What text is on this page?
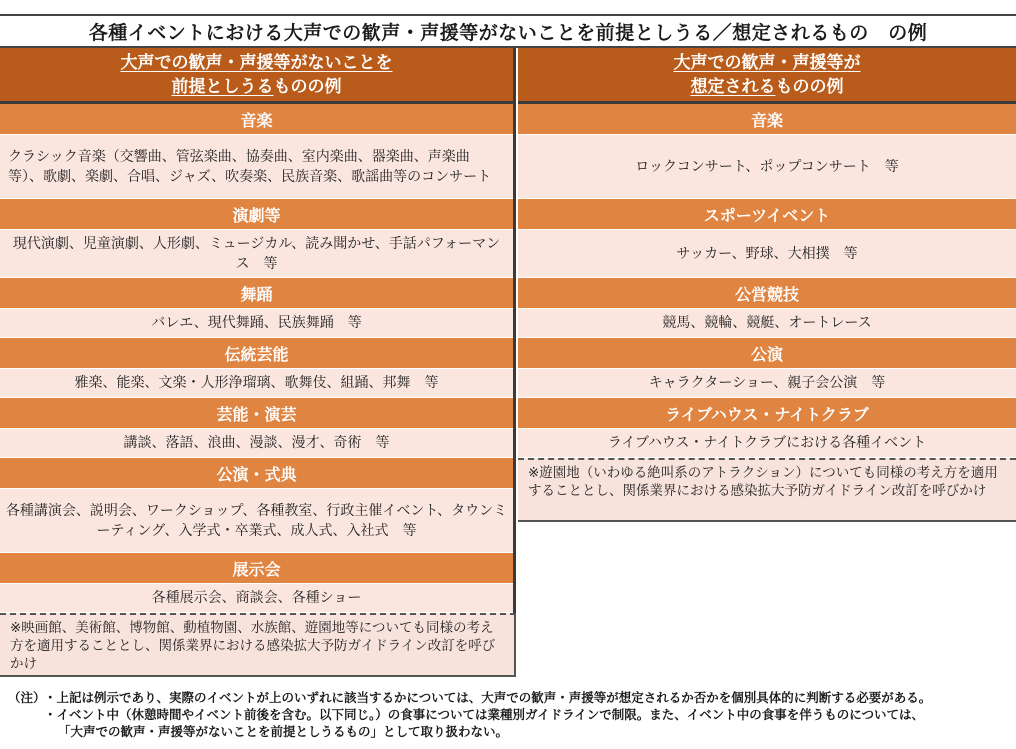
各種イベントにおける大声での歓声・声援等がないことを前提としうる／想定されるもの　の例
大声での歓声・声援等がないことを
前提としうるものの例
音楽
クラシック音楽（交響曲、管弦楽曲、協奏曲、室内楽曲、器楽曲、声楽曲　等）、歌劇、楽劇、合唱、ジャズ、吹奏楽、民族音楽、歌謡曲等のコンサート
演劇等
現代演劇、児童演劇、人形劇、ミュージカル、読み聞かせ、手話パフォーマンス　等
舞踊
バレエ、現代舞踊、民族舞踊　等
伝統芸能
雅楽、能楽、文楽・人形浄瑠璃、歌舞伎、組踊、邦舞　等
芸能・演芸
講談、落語、浪曲、漫談、漫才、奇術　等
公演・式典
各種講演会、説明会、ワークショップ、各種教室、行政主催イベント、タウンミーティング、入学式・卒業式、成人式、入社式　等
展示会
各種展示会、商談会、各種ショー
※映画館、美術館、博物館、動植物園、水族館、遊園地等についても同様の考え方を適用することとし、関係業界における感染拡大予防ガイドライン改訂を呼びかけ
大声での歓声・声援等が
想定されるものの例
音楽
ロックコンサート、ポップコンサート　等
スポーツイベント
サッカー、野球、大相撲　等
公営競技
競馬、競輪、競艇、オートレース
公演
キャラクターショー、親子会公演　等
ライブハウス・ナイトクラブ
ライブハウス・ナイトクラブにおける各種イベント
※遊園地（いわゆる絶叫系のアトラクション）についても同様の考え方を適用することとし、関係業界における感染拡大予防ガイドライン改訂を呼びかけ
（注）・上記は例示であり、実際のイベントが上のいずれに該当するかについては、大声での歓声・声援等が想定されるか否かを個別具体的に判断する必要がある。
・イベント中（休憩時間やイベント前後を含む。以下同じ。）の食事については業種別ガイドラインで制限。また、イベント中の食事を伴うものについては、
「大声での歓声・声援等がないことを前提としうるもの」として取り扱わない。
